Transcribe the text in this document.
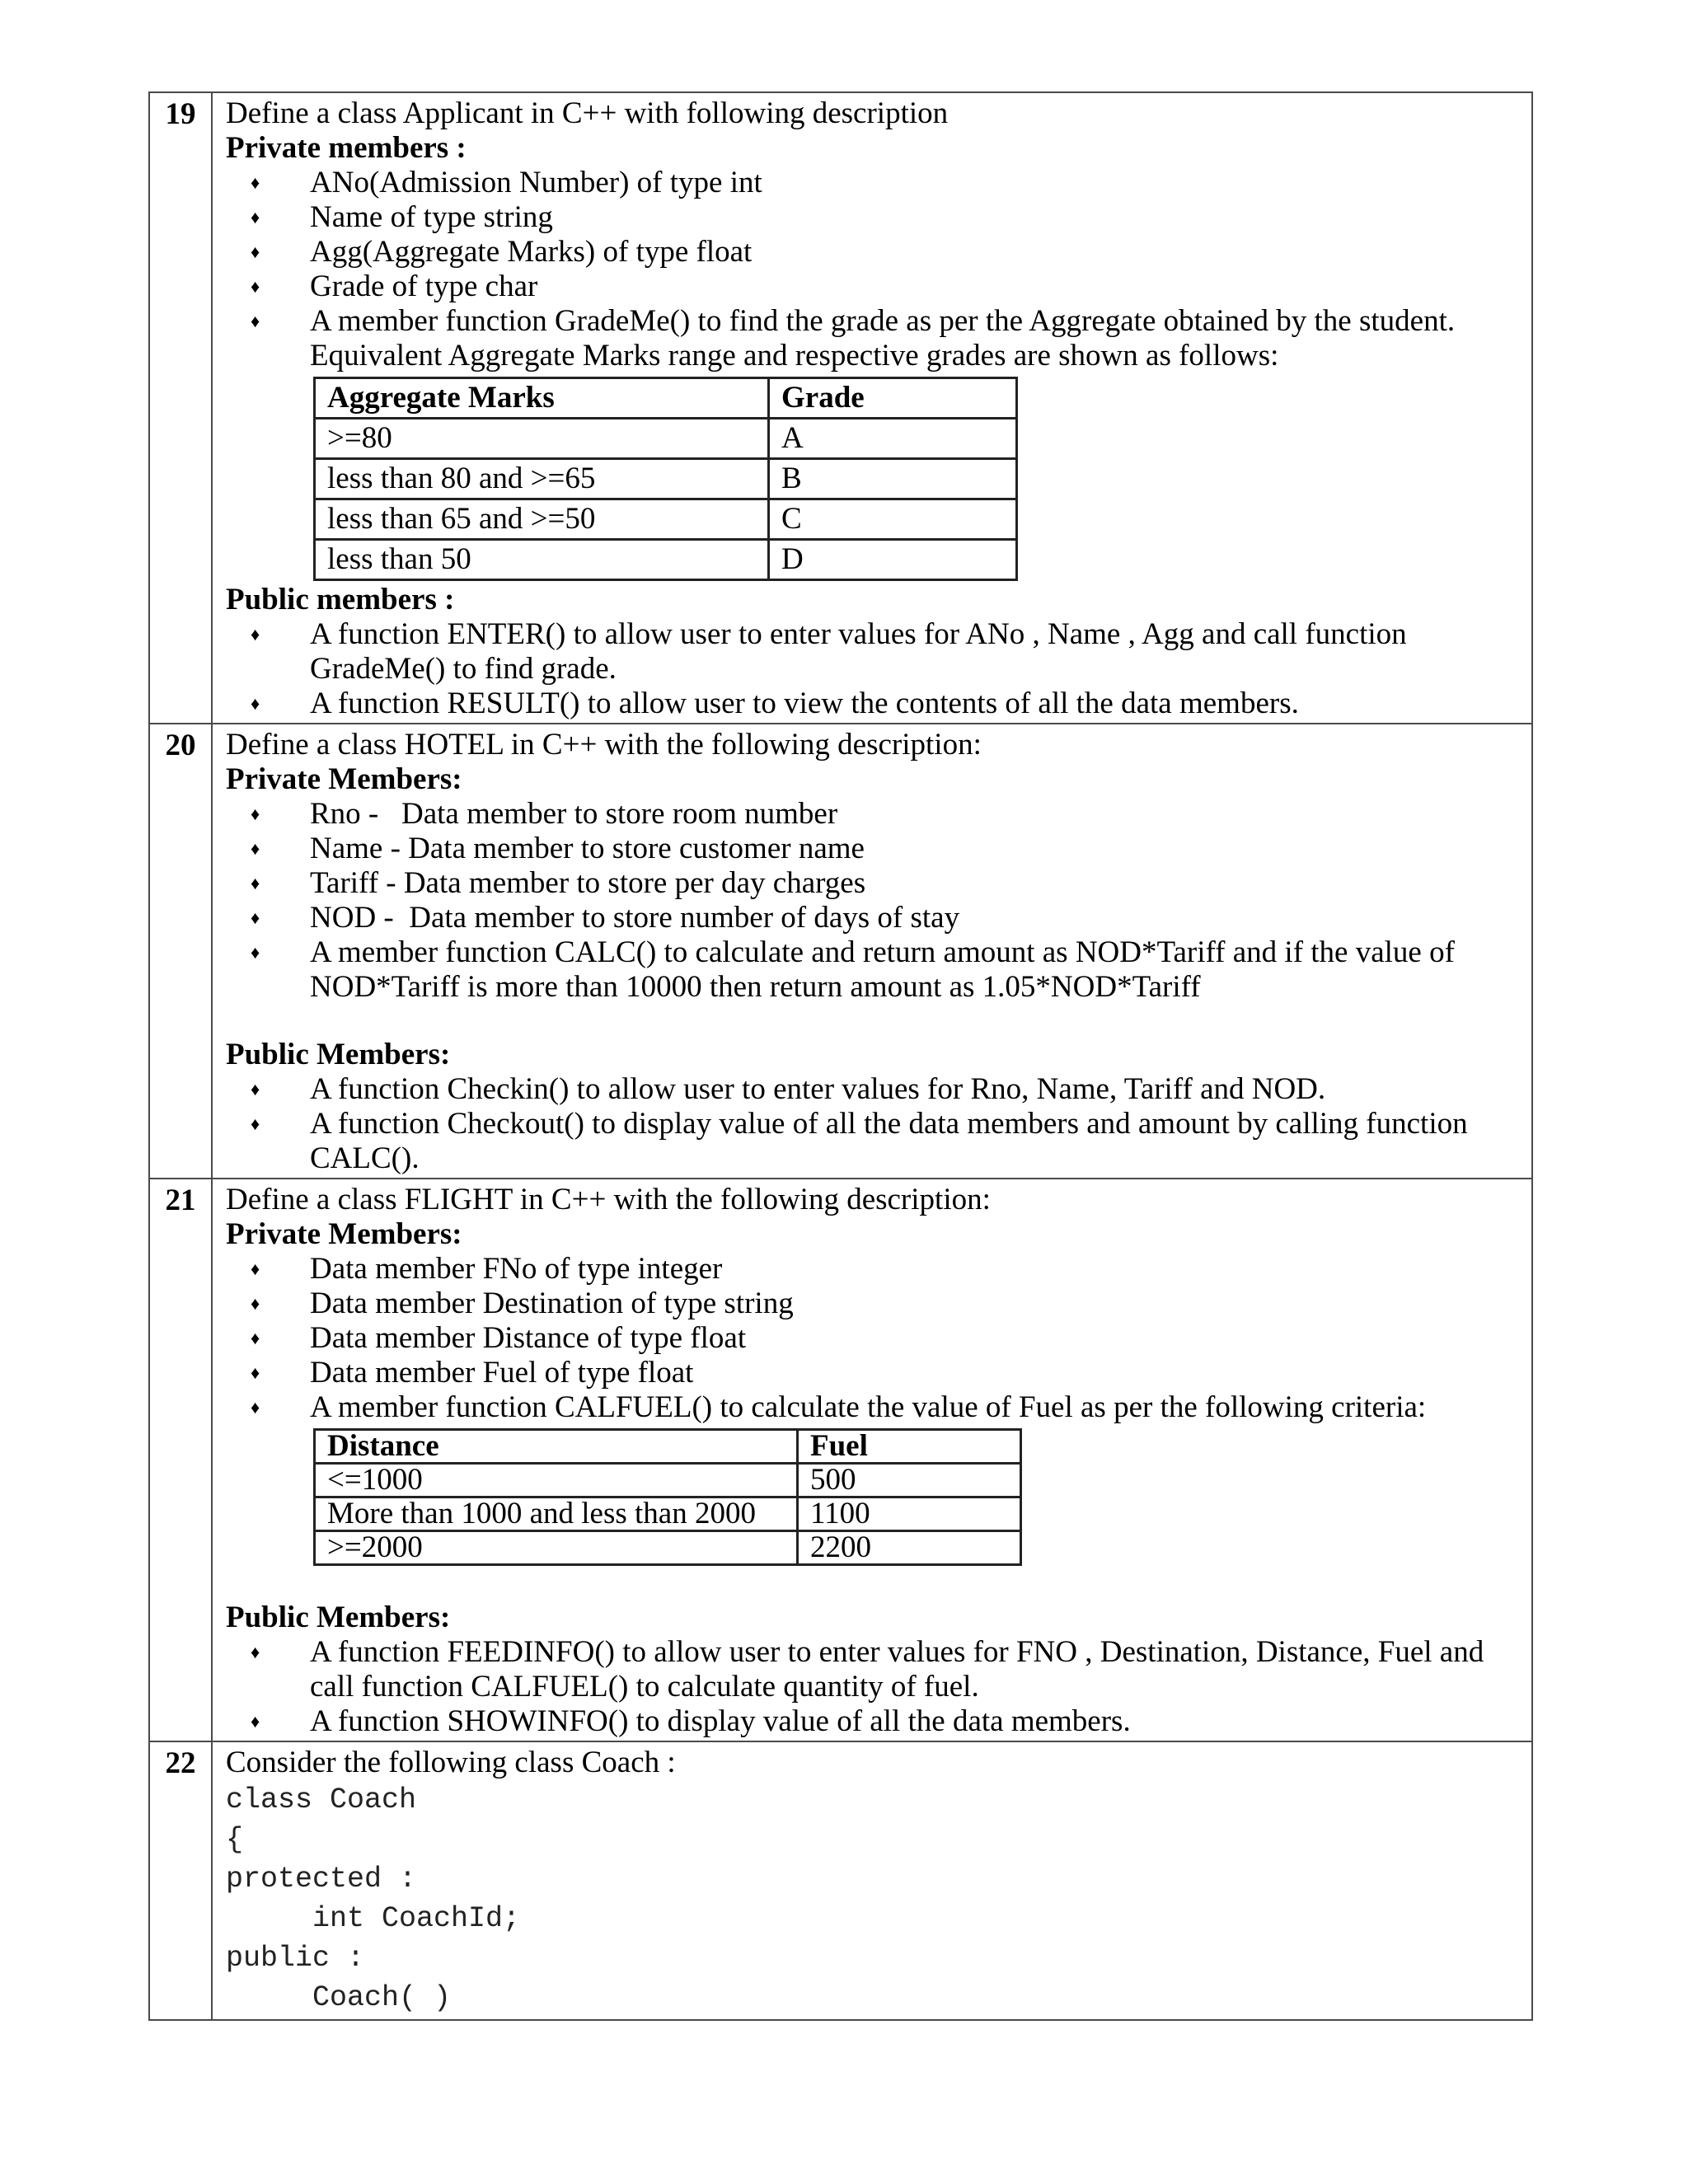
19	Define a class Applicant in C++ with following description
Private members :
♦ ANo(Admission Number) of type int
♦ Name of type string
♦ Agg(Aggregate Marks) of type float
♦ Grade of type char
♦ A member function GradeMe() to find the grade as per the Aggregate obtained by the student. Equivalent Aggregate Marks range and respective grades are shown as follows:
Aggregate Marks	Grade
>=80	A
less than 80 and >=65	B
less than 65 and >=50	C
less than 50	D
Public members :
♦ A function ENTER() to allow user to enter values for ANo , Name , Agg and call function GradeMe() to find grade.
♦ A function RESULT() to allow user to view the contents of all the data members.

20	Define a class HOTEL in C++ with the following description:
Private Members:
♦ Rno -   Data member to store room number
♦ Name - Data member to store customer name
♦ Tariff - Data member to store per day charges
♦ NOD -  Data member to store number of days of stay
♦ A member function CALC() to calculate and return amount as NOD*Tariff and if the value of NOD*Tariff is more than 10000 then return amount as 1.05*NOD*Tariff
Public Members:
♦ A function Checkin() to allow user to enter values for Rno, Name, Tariff and NOD.
♦ A function Checkout() to display value of all the data members and amount by calling function CALC().

21	Define a class FLIGHT in C++ with the following description:
Private Members:
♦ Data member FNo of type integer
♦ Data member Destination of type string
♦ Data member Distance of type float
♦ Data member Fuel of type float
♦ A member function CALFUEL() to calculate the value of Fuel as per the following criteria:
Distance	Fuel
<=1000	500
More than 1000 and less than 2000	1100
>=2000	2200
Public Members:
♦ A function FEEDINFO() to allow user to enter values for FNO , Destination, Distance, Fuel and call function CALFUEL() to calculate quantity of fuel.
♦ A function SHOWINFO() to display value of all the data members.

22	Consider the following class Coach :
class Coach
{
protected :
int CoachId;
public :
Coach( )
